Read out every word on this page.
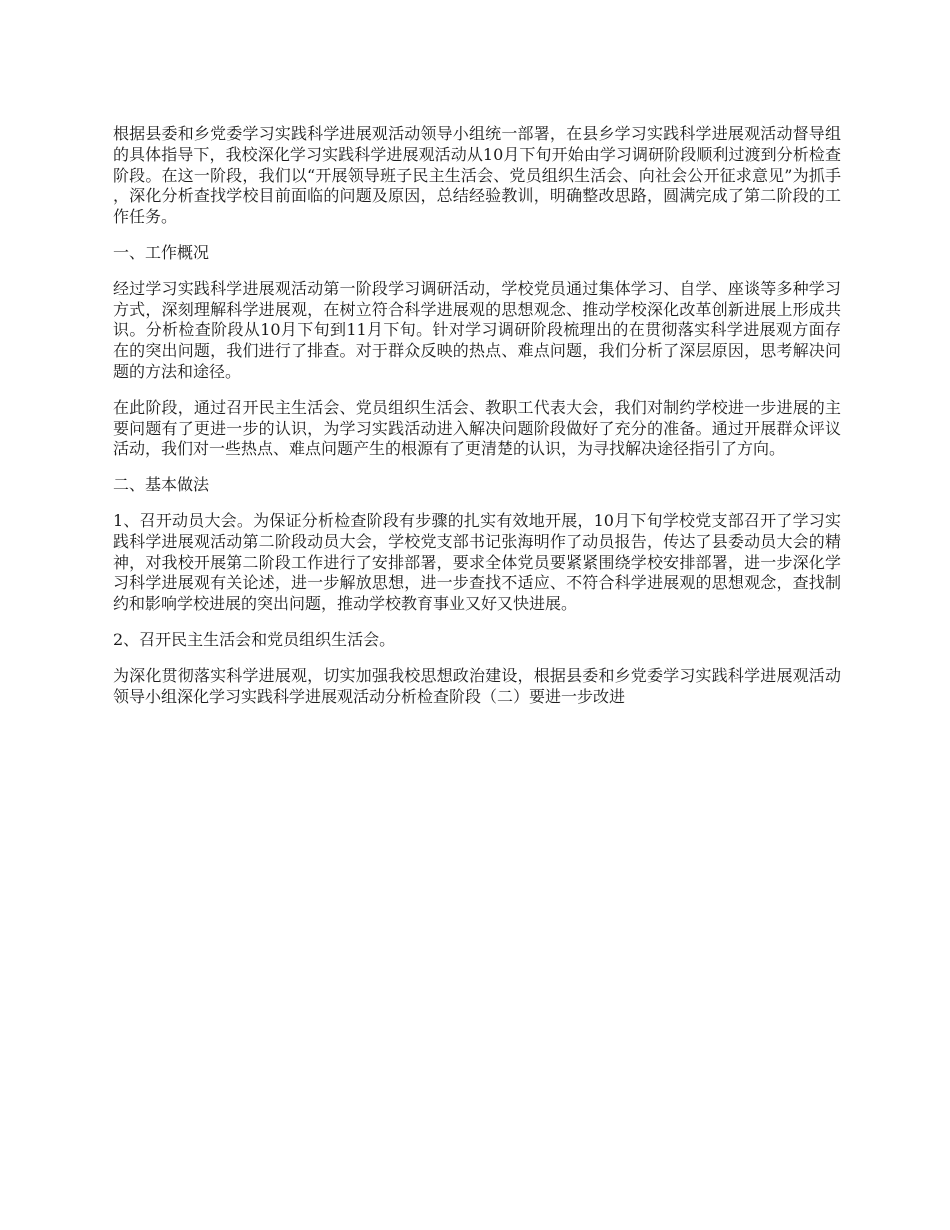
根据县委和乡党委学习实践科学进展观活动领导小组统一部署，在县乡学习实践科学进展观活动督导组的具体指导下，我校深化学习实践科学进展观活动从10月下旬开始由学习调研阶段顺利过渡到分析检查阶段。在这一阶段，我们以“开展领导班子民主生活会、党员组织生活会、向社会公开征求意见”为抓手，深化分析查找学校目前面临的问题及原因，总结经验教训，明确整改思路，圆满完成了第二阶段的工作任务。

一、工作概况

经过学习实践科学进展观活动第一阶段学习调研活动，学校党员通过集体学习、自学、座谈等多种学习方式，深刻理解科学进展观，在树立符合科学进展观的思想观念、推动学校深化改革创新进展上形成共识。分析检查阶段从10月下旬到11月下旬。针对学习调研阶段梳理出的在贯彻落实科学进展观方面存在的突出问题，我们进行了排查。对于群众反映的热点、难点问题，我们分析了深层原因，思考解决问题的方法和途径。

在此阶段，通过召开民主生活会、党员组织生活会、教职工代表大会，我们对制约学校进一步进展的主要问题有了更进一步的认识，为学习实践活动进入解决问题阶段做好了充分的准备。通过开展群众评议活动，我们对一些热点、难点问题产生的根源有了更清楚的认识，为寻找解决途径指引了方向。

二、基本做法

1、召开动员大会。为保证分析检查阶段有步骤的扎实有效地开展，10月下旬学校党支部召开了学习实践科学进展观活动第二阶段动员大会，学校党支部书记张海明作了动员报告，传达了县委动员大会的精神，对我校开展第二阶段工作进行了安排部署，要求全体党员要紧紧围绕学校安排部署，进一步深化学习科学进展观有关论述，进一步解放思想，进一步查找不适应、不符合科学进展观的思想观念，查找制约和影响学校进展的突出问题，推动学校教育事业又好又快进展。

2、召开民主生活会和党员组织生活会。

为深化贯彻落实科学进展观，切实加强我校思想政治建设，根据县委和乡党委学习实践科学进展观活动领导小组深化学习实践科学进展观活动分析检查阶段（二）要进一步改进
